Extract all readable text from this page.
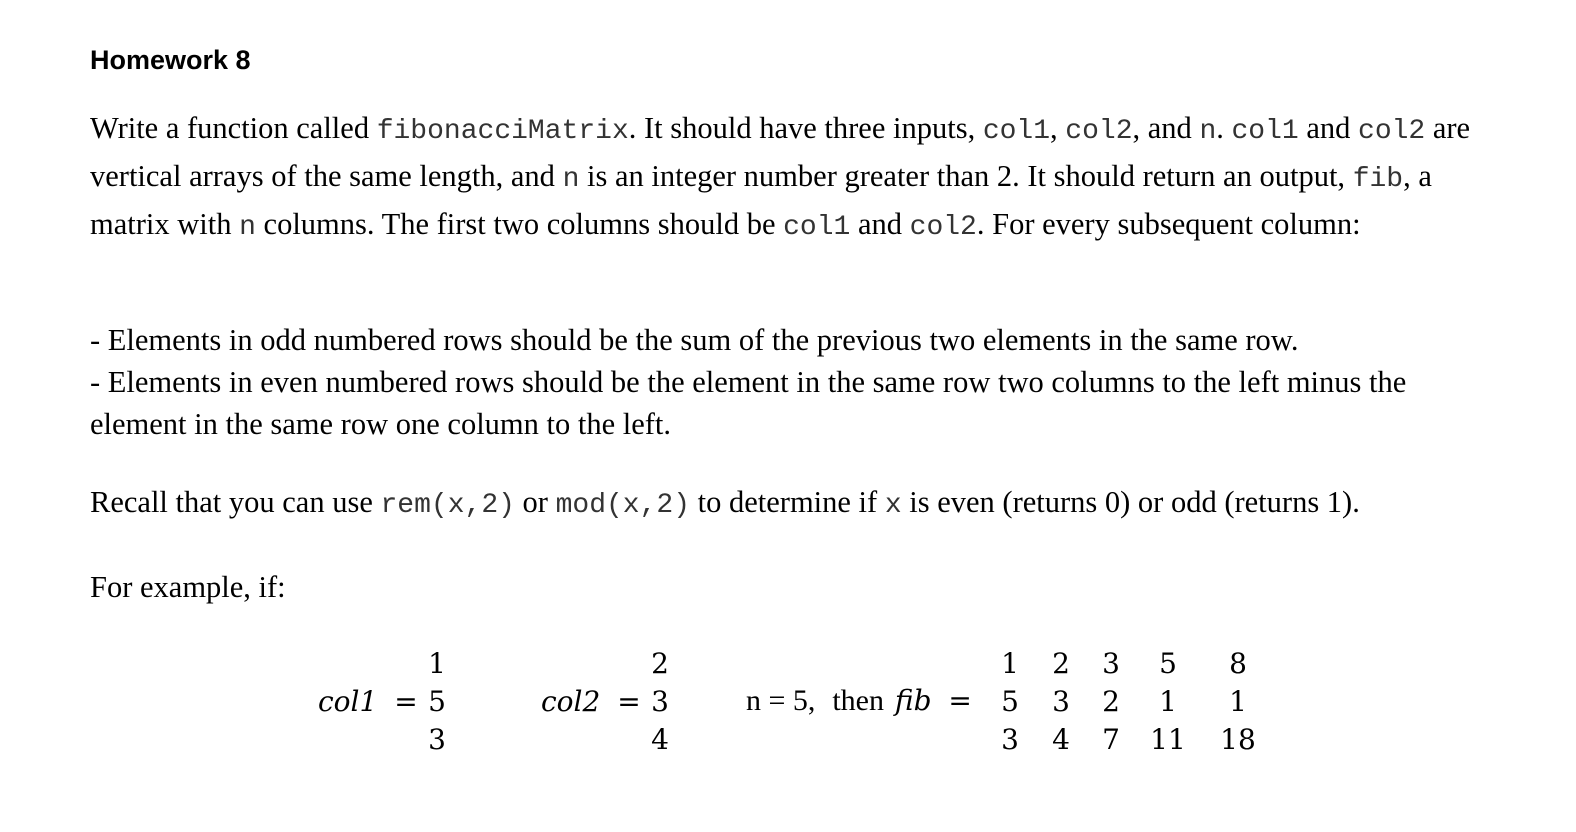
Homework 8

Write a function called fibonacciMatrix. It should have three inputs, col1, col2, and n. col1 and col2 are vertical arrays of the same length, and n is an integer number greater than 2. It should return an output, fib, a matrix with n columns. The first two columns should be col1 and col2. For every subsequent column:

- Elements in odd numbered rows should be the sum of the previous two elements in the same row.
- Elements in even numbered rows should be the element in the same row two columns to the left minus the element in the same row one column to the left.

Recall that you can use rem(x,2) or mod(x,2) to determine if x is even (returns 0) or odd (returns 1).

For example, if:

col1 =
1
5
3
col2 =
2
3
4
n = 5, then fib =
1	2	3	5	8
5	3	2	1	1
3	4	7	11 18
